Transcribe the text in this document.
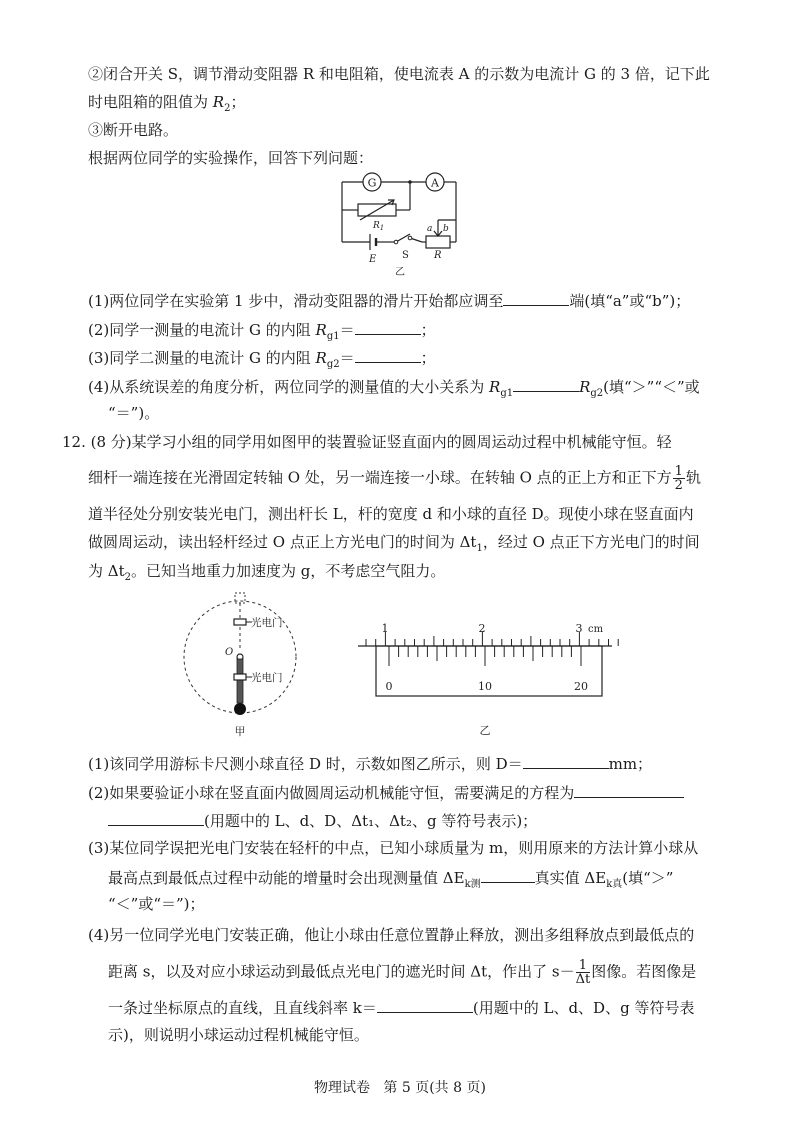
②闭合开关 S，调节滑动变阻器 R 和电阻箱，使电流表 A 的示数为电流计 G 的 3 倍，记下此
时电阻箱的阻值为 $R_2$；
③断开电路。
根据两位同学的实验操作，回答下列问题：
G	A
$R_1$	a b
E	S	R
乙
(1)两位同学在实验第 1 步中，滑动变阻器的滑片开始都应调至	端(填“a”或“b”)；
(2)同学一测量的电流计 G 的内阻 $R_{g1}=$	；
(3)同学二测量的电流计 G 的内阻 $R_{g2}=$	；
(4)从系统误差的角度分析，两位同学的测量值的大小关系为 $R_{g1}$	$R_{g2}$(填“＞”“＜”或
“＝”)。
12. (8 分)某学习小组的同学用如图甲的装置验证竖直面内的圆周运动过程中机械能守恒。轻
细杆一端连接在光滑固定转轴 O 处，另一端连接一小球。在转轴 O 点的正上方和正下方 $\frac{1}{2}$ 轨
道半径处分别安装光电门，测出杆长 L，杆的宽度 d 和小球的直径 D。现使小球在竖直面内
做圆周运动，读出轻杆经过 O 点正上方光电门的时间为 $\Delta t_1$，经过 O 点正下方光电门的时间
为 $\Delta t_2$。已知当地重力加速度为 g，不考虑空气阻力。
光电门
O
光电门
甲
1	2	3 cm
0	10	20
乙
(1)该同学用游标卡尺测小球直径 D 时，示数如图乙所示，则 D＝	mm；
(2)如果要验证小球在竖直面内做圆周运动机械能守恒，需要满足的方程为
(用题中的 L、d、D、Δt₁、Δt₂、g 等符号表示)；
(3)某位同学误把光电门安装在轻杆的中点，已知小球质量为 m，则用原来的方法计算小球从
最高点到最低点过程中动能的增量时会出现测量值 $\Delta E_{k测}$	真实值 $\Delta E_{k真}$(填“＞”
“＜”或“＝”)；
(4)另一位同学光电门安装正确，他让小球由任意位置静止释放，测出多组释放点到最低点的
距离 s，以及对应小球运动到最低点光电门的遮光时间 Δt，作出了 $s- \frac{1}{\Delta t}$ 图像。若图像是
一条过坐标原点的直线，且直线斜率 k＝	(用题中的 L、d、D、g 等符号表
示)，则说明小球运动过程机械能守恒。
物理试卷 第 5 页(共 8 页)
